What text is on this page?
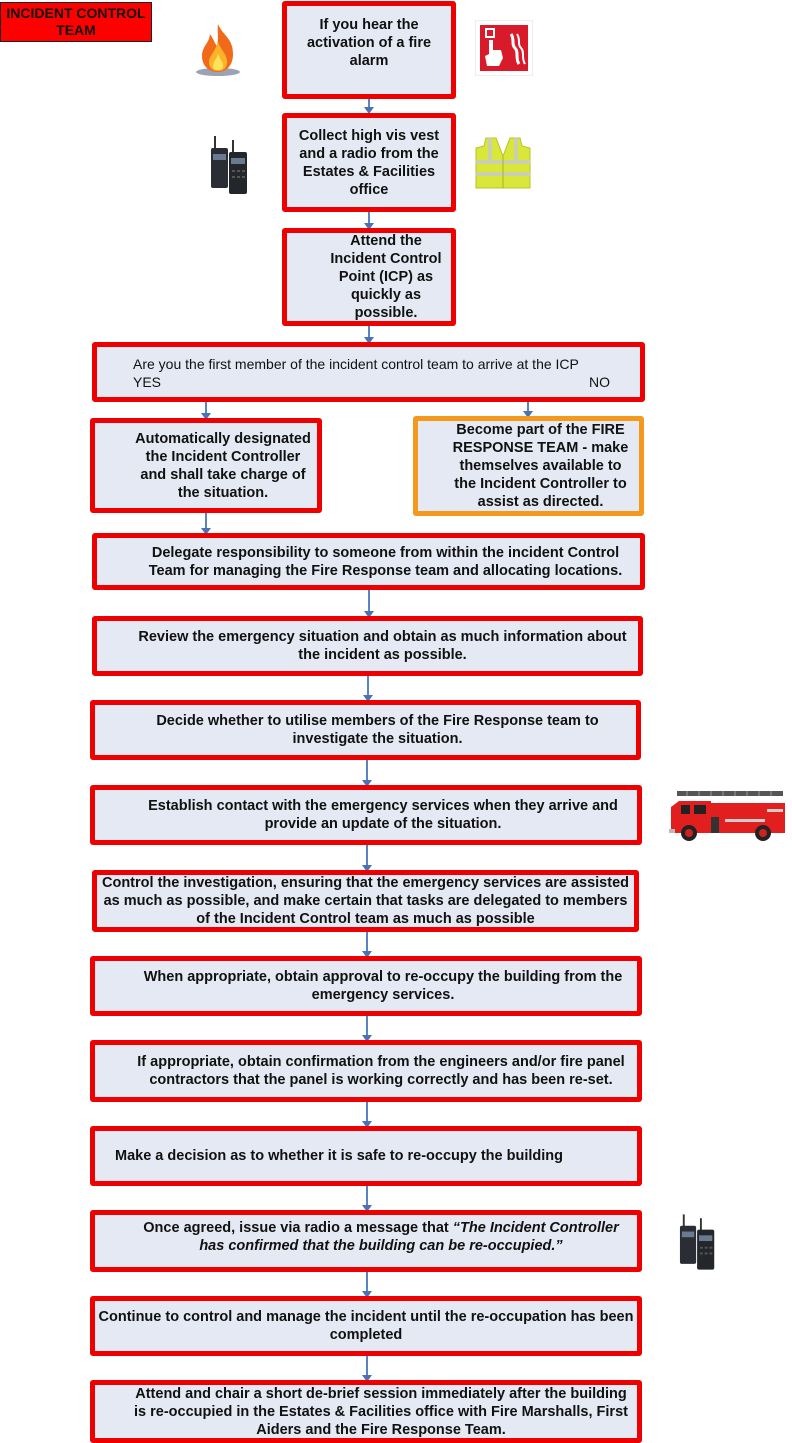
INCIDENT CONTROL TEAM	If you hear the activation of a fire alarm
Collect high vis vest and a radio from the Estates & Facilities office
Attend the Incident Control Point (ICP) as quickly as possible.
Are you the first member of the incident control team to arrive at the ICP
YES	NO
Automatically designated the Incident Controller and shall take charge of the situation.
Become part of the FIRE RESPONSE TEAM - make themselves available to the Incident Controller to assist as directed.
Delegate responsibility to someone from within the incident Control Team for managing the Fire Response team and allocating locations.
Review the emergency situation and obtain as much information about the incident as possible.
Decide whether to utilise members of the Fire Response team to investigate the situation.
Establish contact with the emergency services when they arrive and provide an update of the situation.
Control the investigation, ensuring that the emergency services are assisted as much as possible, and make certain that tasks are delegated to members of the Incident Control team as much as possible
When appropriate, obtain approval to re-occupy the building from the emergency services.
If appropriate, obtain confirmation from the engineers and/or fire panel contractors that the panel is working correctly and has been re-set.
Make a decision as to whether it is safe to re-occupy the building
Once agreed, issue via radio a message that “The Incident Controller has confirmed that the building can be re-occupied.”
Continue to control and manage the incident until the re-occupation has been completed
Attend and chair a short de-brief session immediately after the building is re-occupied in the Estates & Facilities office with Fire Marshalls, First Aiders and the Fire Response Team.
